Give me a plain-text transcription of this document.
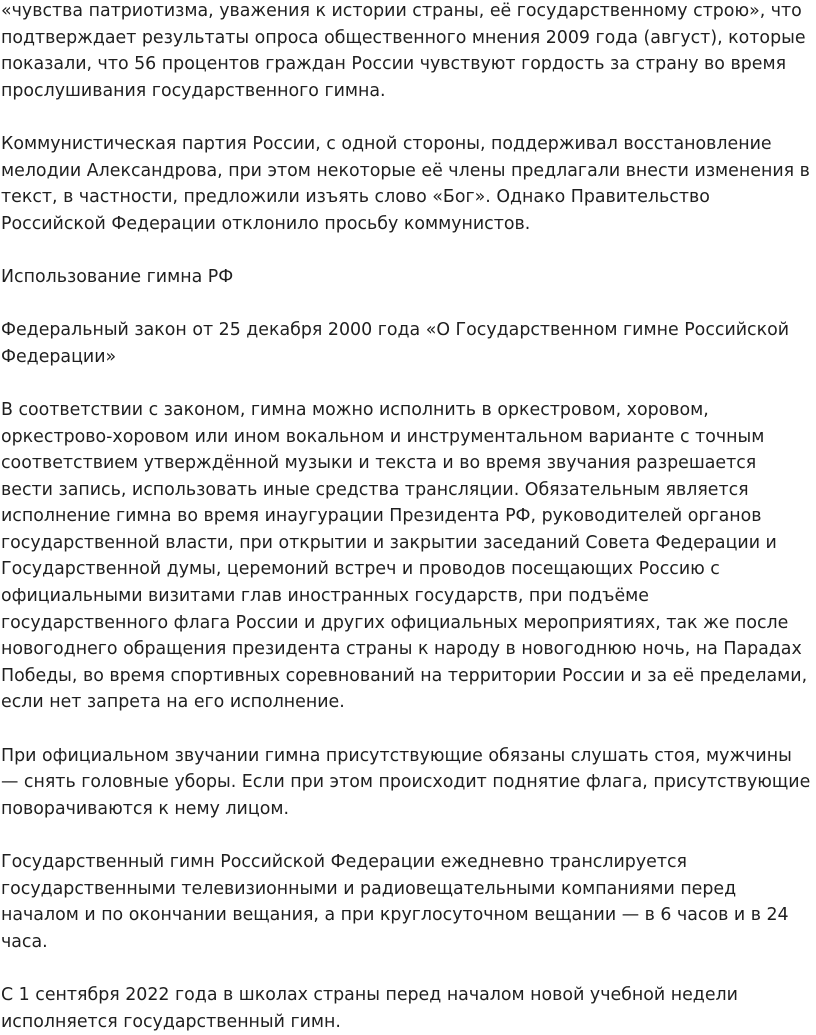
«чувства патриотизма, уважения к истории страны, её государственному строю», что подтверждает результаты опроса общественного мнения 2009 года (август), которые показали, что 56 процентов граждан России чувствуют гордость за страну во время прослушивания государственного гимна.

Коммунистическая партия России, с одной стороны, поддерживал восстановление мелодии Александрова, при этом некоторые её члены предлагали внести изменения в текст, в частности, предложили изъять слово «Бог». Однако Правительство Российской Федерации отклонило просьбу коммунистов.

Использование гимна РФ

Федеральный закон от 25 декабря 2000 года «О Государственном гимне Российской Федерации»

В соответствии с законом, гимна можно исполнить в оркестровом, хоровом, оркестрово-хоровом или ином вокальном и инструментальном варианте с точным соответствием утверждённой музыки и текста и во время звучания разрешается вести запись, использовать иные средства трансляции. Обязательным является исполнение гимна во время инаугурации Президента РФ, руководителей органов государственной власти, при открытии и закрытии заседаний Совета Федерации и Государственной думы, церемоний встреч и проводов посещающих Россию с официальными визитами глав иностранных государств, при подъёме государственного флага России и других официальных мероприятиях, так же после новогоднего обращения президента страны к народу в новогоднюю ночь, на Парадах Победы, во время спортивных соревнований на территории России и за её пределами, если нет запрета на его исполнение.

При официальном звучании гимна присутствующие обязаны слушать стоя, мужчины — снять головные уборы. Если при этом происходит поднятие флага, присутствующие поворачиваются к нему лицом.

Государственный гимн Российской Федерации ежедневно транслируется государственными телевизионными и радиовещательными компаниями перед началом и по окончании вещания, а при круглосуточном вещании — в 6 часов и в 24 часа.

С 1 сентября 2022 года в школах страны перед началом новой учебной недели исполняется государственный гимн.
